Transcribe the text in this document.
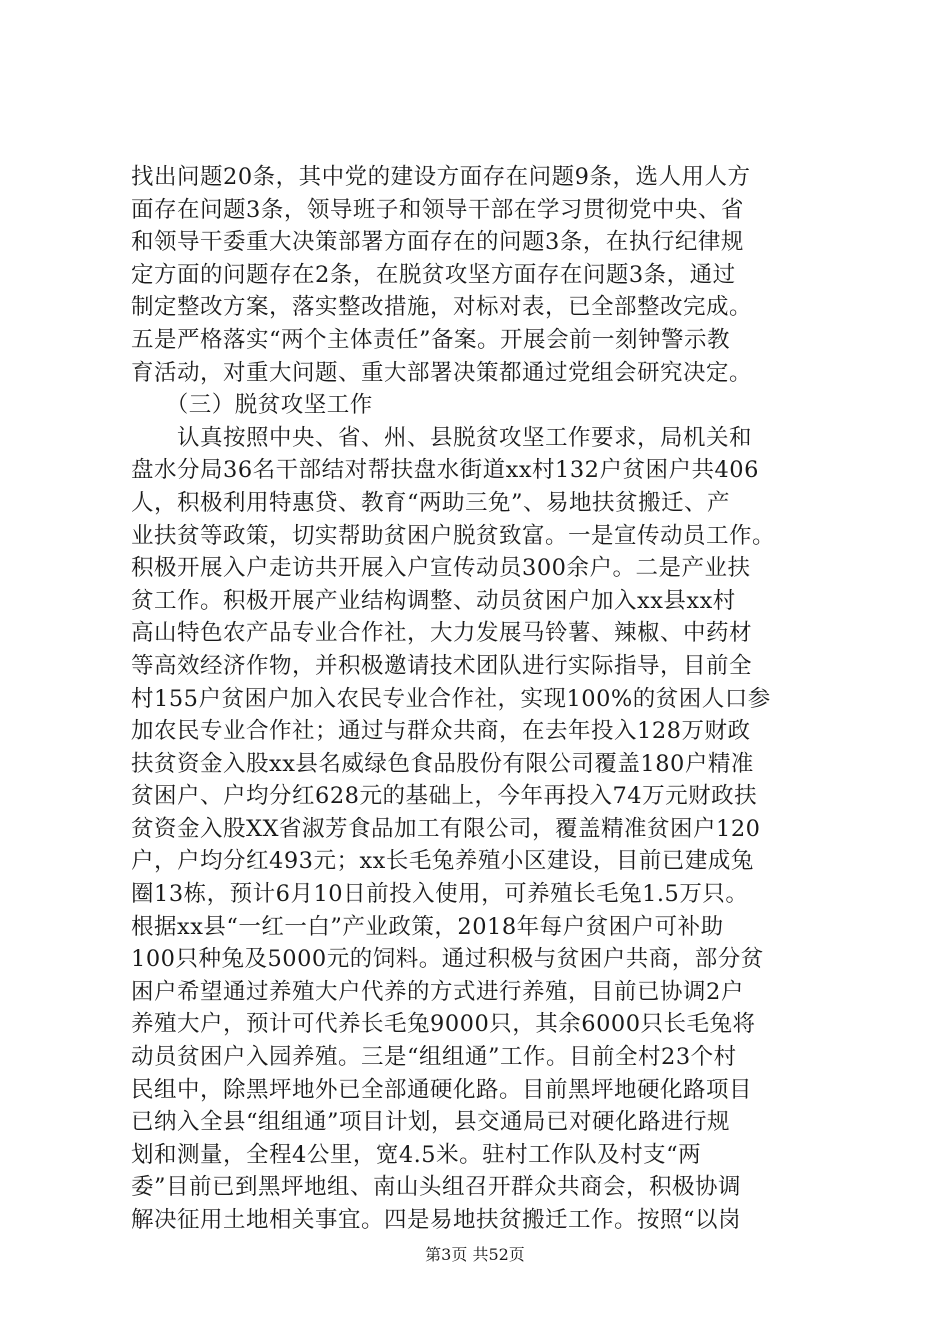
找出问题20条，其中党的建设方面存在问题9条，选人用人方
面存在问题3条，领导班子和领导干部在学习贯彻党中央、省
和领导干委重大决策部署方面存在的问题3条，在执行纪律规
定方面的问题存在2条，在脱贫攻坚方面存在问题3条，通过
制定整改方案，落实整改措施，对标对表，已全部整改完成。
五是严格落实“两个主体责任”备案。开展会前一刻钟警示教
育活动，对重大问题、重大部署决策都通过党组会研究决定。
　　（三）脱贫攻坚工作
　　认真按照中央、省、州、县脱贫攻坚工作要求，局机关和
盘水分局36名干部结对帮扶盘水街道xx村132户贫困户共406
人，积极利用特惠贷、教育“两助三免”、易地扶贫搬迁、产
业扶贫等政策，切实帮助贫困户脱贫致富。一是宣传动员工作。
积极开展入户走访共开展入户宣传动员300余户。二是产业扶
贫工作。积极开展产业结构调整、动员贫困户加入xx县xx村
高山特色农产品专业合作社，大力发展马铃薯、辣椒、中药材
等高效经济作物，并积极邀请技术团队进行实际指导，目前全
村155户贫困户加入农民专业合作社，实现100%的贫困人口参
加农民专业合作社；通过与群众共商，在去年投入128万财政
扶贫资金入股xx县名威绿色食品股份有限公司覆盖180户精准
贫困户、户均分红628元的基础上，今年再投入74万元财政扶
贫资金入股XX省淑芳食品加工有限公司，覆盖精准贫困户120
户，户均分红493元；xx长毛兔养殖小区建设，目前已建成兔
圈13栋，预计6月10日前投入使用，可养殖长毛兔1.5万只。
根据xx县“一红一白”产业政策，2018年每户贫困户可补助
100只种兔及5000元的饲料。通过积极与贫困户共商，部分贫
困户希望通过养殖大户代养的方式进行养殖，目前已协调2户
养殖大户，预计可代养长毛兔9000只，其余6000只长毛兔将
动员贫困户入园养殖。三是“组组通”工作。目前全村23个村
民组中，除黑坪地外已全部通硬化路。目前黑坪地硬化路项目
已纳入全县“组组通”项目计划，县交通局已对硬化路进行规
划和测量，全程4公里，宽4.5米。驻村工作队及村支“两
委”目前已到黑坪地组、南山头组召开群众共商会，积极协调
解决征用土地相关事宜。四是易地扶贫搬迁工作。按照“以岗
第3页 共52页
